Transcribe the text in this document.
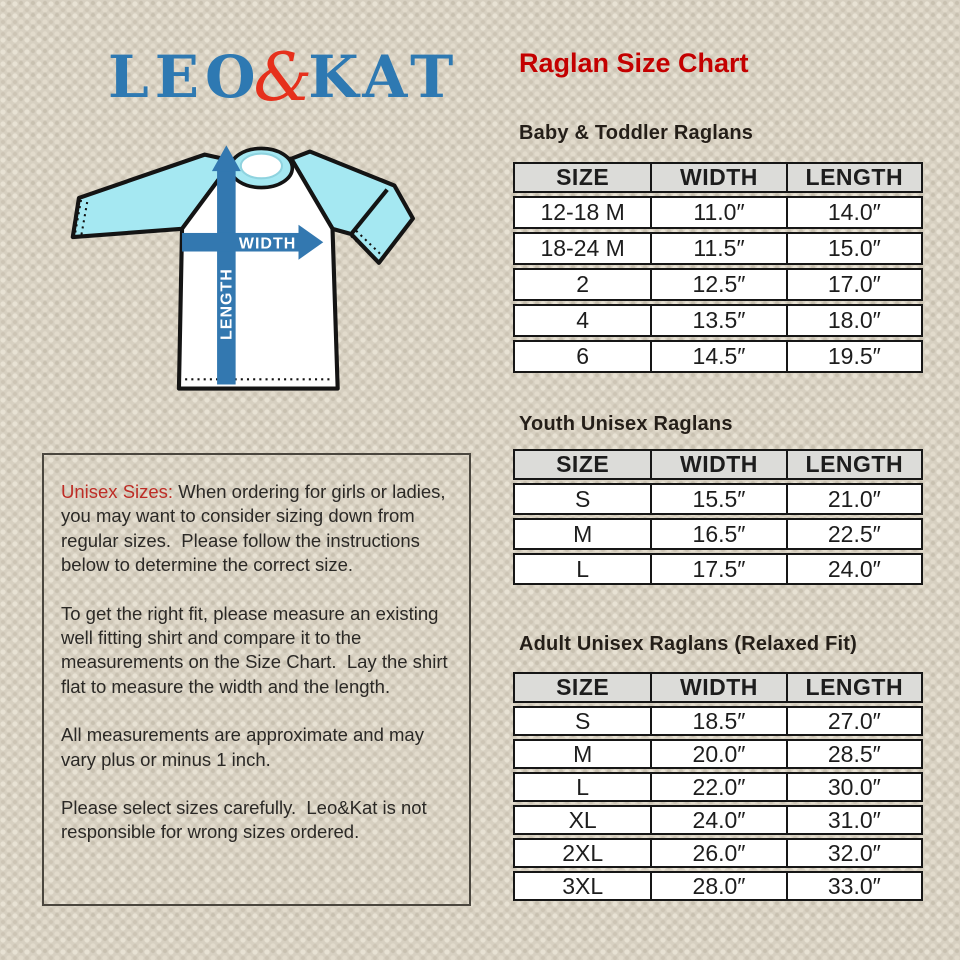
LEO&KAT
WIDTH
LENGTH
Raglan Size Chart
Baby & Toddler Raglans
SIZE	WIDTH	LENGTH
12-18 M	11.0″	14.0″
18-24 M	11.5″	15.0″
2	12.5″	17.0″
4	13.5″	18.0″
6	14.5″	19.5″
Youth Unisex Raglans
SIZE	WIDTH	LENGTH
S	15.5″	21.0″
M	16.5″	22.5″
L	17.5″	24.0″
Adult Unisex Raglans (Relaxed Fit)
SIZE	WIDTH	LENGTH
S	18.5″	27.0″
M	20.0″	28.5″
L	22.0″	30.0″
XL	24.0″	31.0″
2XL	26.0″	32.0″
3XL	28.0″	33.0″

Unisex Sizes: When ordering for girls or ladies, you may want to consider sizing down from regular sizes.  Please follow the instructions below to determine the correct size.

To get the right fit, please measure an existing well fitting shirt and compare it to the measurements on the Size Chart.  Lay the shirt flat to measure the width and the length.

All measurements are approximate and may vary plus or minus 1 inch.

Please select sizes carefully.  Leo&Kat is not responsible for wrong sizes ordered.
